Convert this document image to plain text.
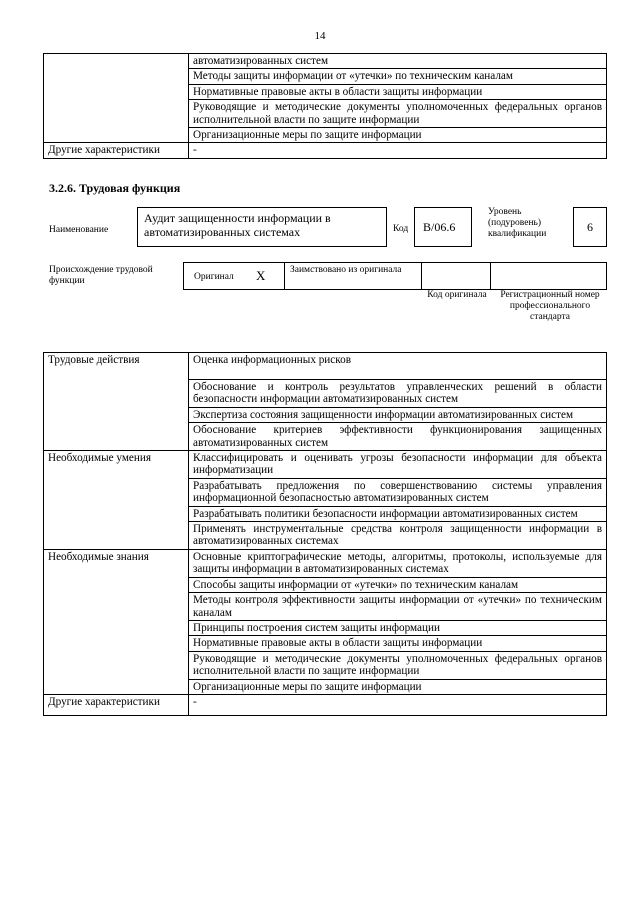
14
	автоматизированных систем
	Методы защиты информации от «утечки» по техническим каналам
	Нормативные правовые акты в области защиты информации
	Руководящие и методические документы уполномоченных федеральных органов исполнительной власти по защите информации
	Организационные меры по защите информации
Другие характеристики	-
3.2.6. Трудовая функция
Наименование
Аудит защищенности информации в автоматизированных системах	Код	B/06.6
Уровень (подуровень) квалификации	6
Происхождение трудовой функции	Оригинал X	Заимствовано из оригинала
Код оригинала	Регистрационный номер профессионального стандарта
Трудовые действия	Оценка информационных рисков
	Обоснование и контроль результатов управленческих решений в области безопасности информации автоматизированных систем
	Экспертиза состояния защищенности информации автоматизированных систем
	Обоснование критериев эффективности функционирования защищенных автоматизированных систем
Необходимые умения	Классифицировать и оценивать угрозы безопасности информации для объекта информатизации
	Разрабатывать предложения по совершенствованию системы управления информационной безопасностью автоматизированных систем
	Разрабатывать политики безопасности информации автоматизированных систем
	Применять инструментальные средства контроля защищенности информации в автоматизированных системах
Необходимые знания	Основные криптографические методы, алгоритмы, протоколы, используемые для защиты информации в автоматизированных системах
	Способы защиты информации от «утечки» по техническим каналам
	Методы контроля эффективности защиты информации от «утечки» по техническим каналам
	Принципы построения систем защиты информации
	Нормативные правовые акты в области защиты информации
	Руководящие и методические документы уполномоченных федеральных органов исполнительной власти по защите информации
	Организационные меры по защите информации
Другие характеристики	-
